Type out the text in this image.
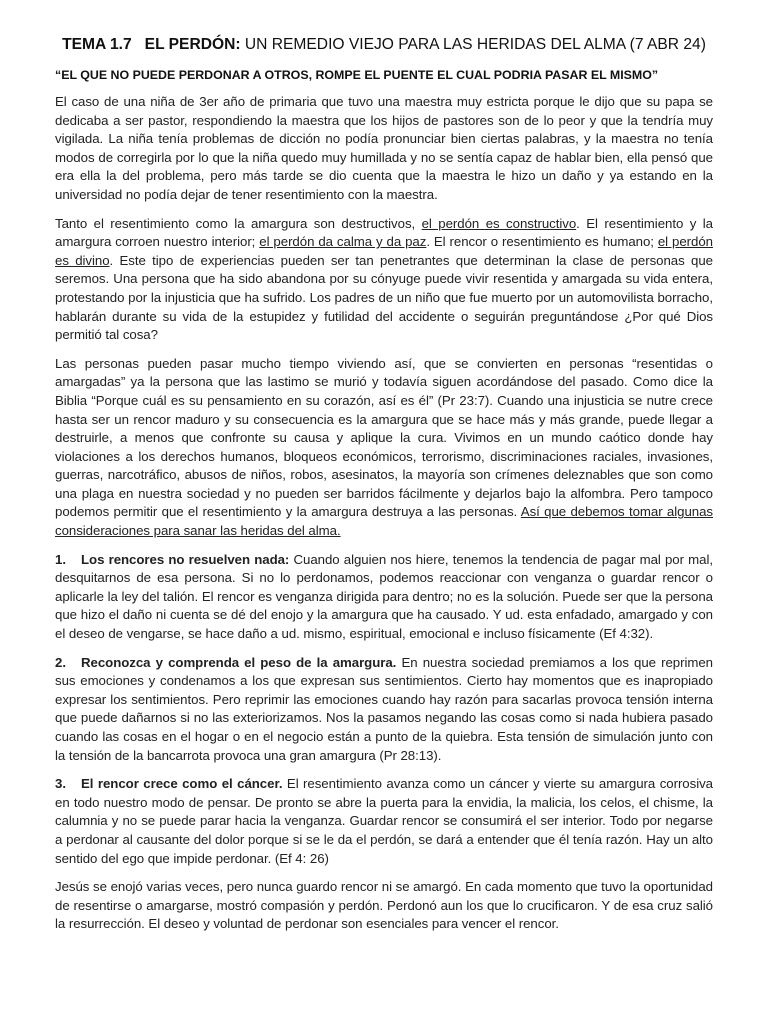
TEMA 1.7 EL PERDÓN: UN REMEDIO VIEJO PARA LAS HERIDAS DEL ALMA (7 ABR 24)
“EL QUE NO PUEDE PERDONAR A OTROS, ROMPE EL PUENTE EL CUAL PODRIA PASAR EL MISMO”

El caso de una niña de 3er año de primaria que tuvo una maestra muy estricta porque le dijo que su papa se dedicaba a ser pastor, respondiendo la maestra que los hijos de pastores son de lo peor y que la tendría muy vigilada. La niña tenía problemas de dicción no podía pronunciar bien ciertas palabras, y la maestra no tenía modos de corregirla por lo que la niña quedo muy humillada y no se sentía capaz de hablar bien, ella pensó que era ella la del problema, pero más tarde se dio cuenta que la maestra le hizo un daño y ya estando en la universidad no podía dejar de tener resentimiento con la maestra.

Tanto el resentimiento como la amargura son destructivos, el perdón es constructivo. El resentimiento y la amargura corroen nuestro interior; el perdón da calma y da paz. El rencor o resentimiento es humano; el perdón es divino. Este tipo de experiencias pueden ser tan penetrantes que determinan la clase de personas que seremos. Una persona que ha sido abandona por su cónyuge puede vivir resentida y amargada su vida entera, protestando por la injusticia que ha sufrido. Los padres de un niño que fue muerto por un automovilista borracho, hablarán durante su vida de la estupidez y futilidad del accidente o seguirán preguntándose ¿Por qué Dios permitió tal cosa?

Las personas pueden pasar mucho tiempo viviendo así, que se convierten en personas “resentidas o amargadas” ya la persona que las lastimo se murió y todavía siguen acordándose del pasado. Como dice la Biblia “Porque cuál es su pensamiento en su corazón, así es él” (Pr 23:7). Cuando una injusticia se nutre crece hasta ser un rencor maduro y su consecuencia es la amargura que se hace más y más grande, puede llegar a destruirle, a menos que confronte su causa y aplique la cura. Vivimos en un mundo caótico donde hay violaciones a los derechos humanos, bloqueos económicos, terrorismo, discriminaciones raciales, invasiones, guerras, narcotráfico, abusos de niños, robos, asesinatos, la mayoría son crímenes deleznables que son como una plaga en nuestra sociedad y no pueden ser barridos fácilmente y dejarlos bajo la alfombra. Pero tampoco podemos permitir que el resentimiento y la amargura destruya a las personas. Así que debemos tomar algunas consideraciones para sanar las heridas del alma.

1. Los rencores no resuelven nada: Cuando alguien nos hiere, tenemos la tendencia de pagar mal por mal, desquitarnos de esa persona. Si no lo perdonamos, podemos reaccionar con venganza o guardar rencor o aplicarle la ley del talión. El rencor es venganza dirigida para dentro; no es la solución. Puede ser que la persona que hizo el daño ni cuenta se dé del enojo y la amargura que ha causado. Y ud. esta enfadado, amargado y con el deseo de vengarse, se hace daño a ud. mismo, espiritual, emocional e incluso físicamente (Ef 4:32).

2. Reconozca y comprenda el peso de la amargura. En nuestra sociedad premiamos a los que reprimen sus emociones y condenamos a los que expresan sus sentimientos. Cierto hay momentos que es inapropiado expresar los sentimientos. Pero reprimir las emociones cuando hay razón para sacarlas provoca tensión interna que puede dañarnos si no las exteriorizamos. Nos la pasamos negando las cosas como si nada hubiera pasado cuando las cosas en el hogar o en el negocio están a punto de la quiebra. Esta tensión de simulación junto con la tensión de la bancarrota provoca una gran amargura (Pr 28:13).

3. El rencor crece como el cáncer. El resentimiento avanza como un cáncer y vierte su amargura corrosiva en todo nuestro modo de pensar. De pronto se abre la puerta para la envidia, la malicia, los celos, el chisme, la calumnia y no se puede parar hacia la venganza. Guardar rencor se consumirá el ser interior. Todo por negarse a perdonar al causante del dolor porque si se le da el perdón, se dará a entender que él tenía razón. Hay un alto sentido del ego que impide perdonar. (Ef 4: 26)

Jesús se enojó varias veces, pero nunca guardo rencor ni se amargó. En cada momento que tuvo la oportunidad de resentirse o amargarse, mostró compasión y perdón. Perdonó aun los que lo crucificaron. Y de esa cruz salió la resurrección. El deseo y voluntad de perdonar son esenciales para vencer el rencor.
